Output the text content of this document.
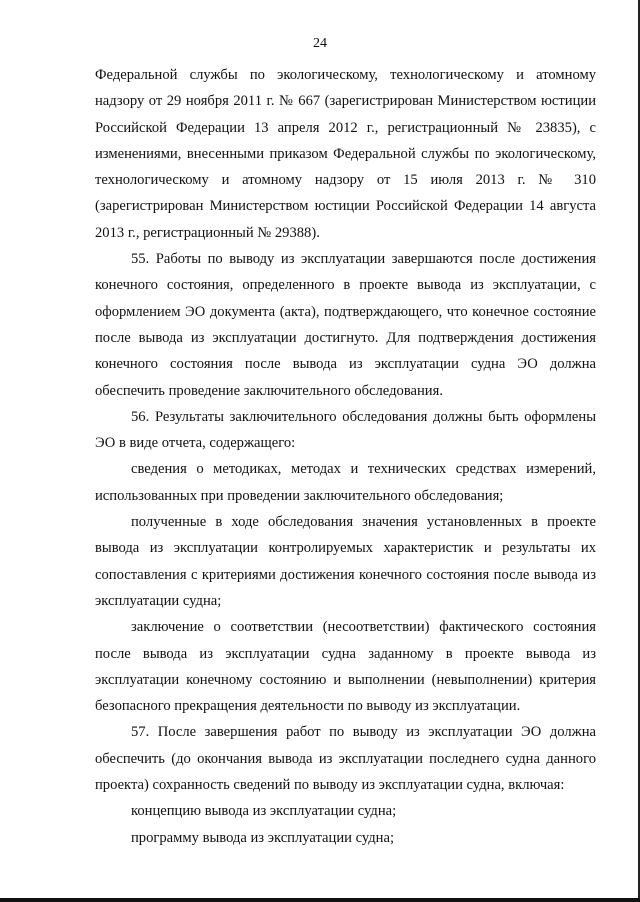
24

Федеральной службы по экологическому, технологическому и атомному надзору от 29 ноября 2011 г. № 667 (зарегистрирован Министерством юстиции Российской Федерации 13 апреля 2012 г., регистрационный № 23835), с изменениями, внесенными приказом Федеральной службы по экологическому, технологическому и атомному надзору от 15 июля 2013 г. № 310 (зарегистрирован Министерством юстиции Российской Федерации 14 августа 2013 г., регистрационный № 29388).

55. Работы по выводу из эксплуатации завершаются после достижения конечного состояния, определенного в проекте вывода из эксплуатации, с оформлением ЭО документа (акта), подтверждающего, что конечное состояние после вывода из эксплуатации достигнуто. Для подтверждения достижения конечного состояния после вывода из эксплуатации судна ЭО должна обеспечить проведение заключительного обследования.

56. Результаты заключительного обследования должны быть оформлены ЭО в виде отчета, содержащего:

сведения о методиках, методах и технических средствах измерений, использованных при проведении заключительного обследования;

полученные в ходе обследования значения установленных в проекте вывода из эксплуатации контролируемых характеристик и результаты их сопоставления с критериями достижения конечного состояния после вывода из эксплуатации судна;

заключение о соответствии (несоответствии) фактического состояния после вывода из эксплуатации судна заданному в проекте вывода из эксплуатации конечному состоянию и выполнении (невыполнении) критерия безопасного прекращения деятельности по выводу из эксплуатации.

57. После завершения работ по выводу из эксплуатации ЭО должна обеспечить (до окончания вывода из эксплуатации последнего судна данного проекта) сохранность сведений по выводу из эксплуатации судна, включая:

концепцию вывода из эксплуатации судна;

программу вывода из эксплуатации судна;
